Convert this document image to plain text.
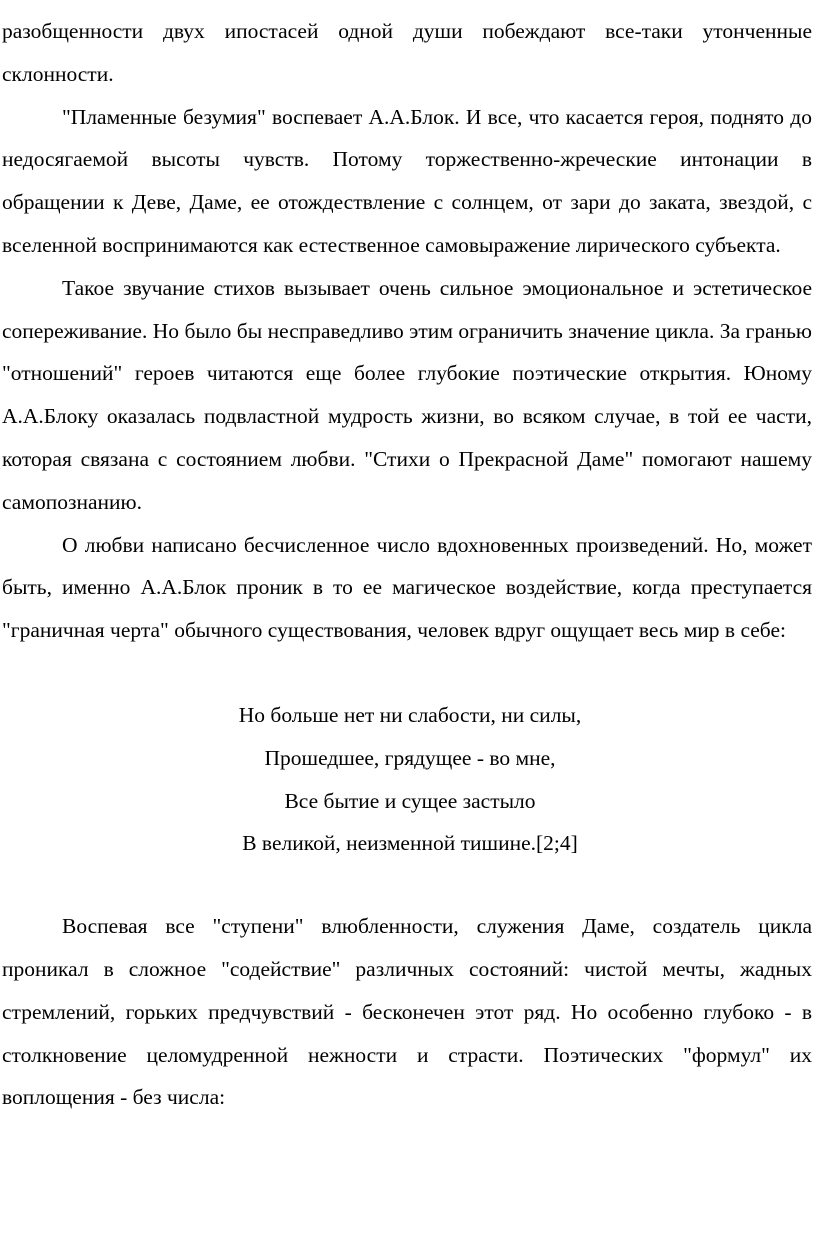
разобщенности двух ипостасей одной души побеждают все-таки утонченные склонности.

"Пламенные безумия" воспевает А.А.Блок. И все, что касается героя, поднято до недосягаемой высоты чувств. Потому торжественно-жреческие интонации в обращении к Деве, Даме, ее отождествление с солнцем, от зари до заката, звездой, с вселенной воспринимаются как естественное самовыражение лирического субъекта.

Такое звучание стихов вызывает очень сильное эмоциональное и эстетическое сопереживание. Но было бы несправедливо этим ограничить значение цикла. За гранью "отношений" героев читаются еще более глубокие поэтические открытия. Юному А.А.Блоку оказалась подвластной мудрость жизни, во всяком случае, в той ее части, которая связана с состоянием любви. "Стихи о Прекрасной Даме" помогают нашему самопознанию.

О любви написано бесчисленное число вдохновенных произведений. Но, может быть, именно А.А.Блок проник в то ее магическое воздействие, когда преступается "граничная черта" обычного существования, человек вдруг ощущает весь мир в себе:

Но больше нет ни слабости, ни силы,
Прошедшее, грядущее - во мне,
Все бытие и сущее застыло
В великой, неизменной тишине.[2;4]

Воспевая все "ступени" влюбленности, служения Даме, создатель цикла проникал в сложное "содействие" различных состояний: чистой мечты, жадных стремлений, горьких предчувствий - бесконечен этот ряд. Но особенно глубоко - в столкновение целомудренной нежности и страсти. Поэтических "формул" их воплощения - без числа:
